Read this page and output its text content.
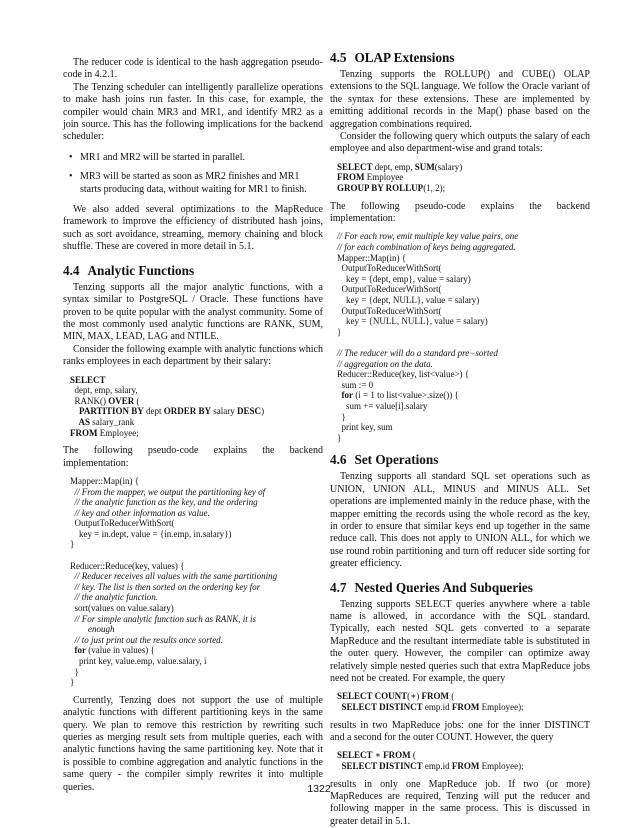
The reducer code is identical to the hash aggregation pseudo-code in 4.2.1.

The Tenzing scheduler can intelligently parallelize operations to make hash joins run faster. In this case, for example, the compiler would chain MR3 and MR1, and identify MR2 as a join source. This has the following implications for the backend scheduler:

• MR1 and MR2 will be started in parallel.
• MR3 will be started as soon as MR2 finishes and MR1 starts producing data, without waiting for MR1 to finish.

We also added several optimizations to the MapReduce framework to improve the efficiency of distributed hash joins, such as sort avoidance, streaming, memory chaining and block shuffle. These are covered in more detail in 5.1.

4.4 Analytic Functions

Tenzing supports all the major analytic functions, with a syntax similar to PostgreSQL / Oracle. These functions have proven to be quite popular with the analyst community. Some of the most commonly used analytic functions are RANK, SUM, MIN, MAX, LEAD, LAG and NTILE.

Consider the following example with analytic functions which ranks employees in each department by their salary:

SELECT
dept, emp, salary,
RANK() OVER (
PARTITION BY dept ORDER BY salary DESC)
AS salary_rank
FROM Employee;

The following pseudo-code explains the backend implementation:

Mapper::Map(in) {
// From the mapper, we output the partitioning key of
// the analytic function as the key, and the ordering
// key and other information as value.
OutputToReducerWithSort(
key = in.dept, value = {in.emp, in.salary})
}

Reducer::Reduce(key, values) {
// Reducer receives all values with the same partitioning
// key. The list is then sorted on the ordering key for
// the analytic function.
sort(values on value.salary)
// For simple analytic function such as RANK, it is
enough
// to just print out the results once sorted.
for (value in values) {
print key, value.emp, value.salary, i
}
}

Currently, Tenzing does not support the use of multiple analytic functions with different partitioning keys in the same query. We plan to remove this restriction by rewriting such queries as merging result sets from multiple queries, each with analytic functions having the same partitioning key. Note that it is possible to combine aggregation and analytic functions in the same query - the compiler simply rewrites it into multiple queries.

4.5 OLAP Extensions

Tenzing supports the ROLLUP() and CUBE() OLAP extensions to the SQL language. We follow the Oracle variant of the syntax for these extensions. These are implemented by emitting additional records in the Map() phase based on the aggregation combinations required.

Consider the following query which outputs the salary of each employee and also department-wise and grand totals:

SELECT dept, emp, SUM(salary)
FROM Employee
GROUP BY ROLLUP(1, 2);

The following pseudo-code explains the backend implementation:

// For each row, emit multiple key value pairs, one
// for each combination of keys being aggregated.
Mapper::Map(in) {
OutputToReducerWithSort(
key = {dept, emp}, value = salary)
OutputToReducerWithSort(
key = {dept, NULL}, value = salary)
OutputToReducerWithSort(
key = {NULL, NULL}, value = salary)
}

// The reducer will do a standard pre−sorted
// aggregation on the data.
Reducer::Reduce(key, list<value>) {
sum := 0
for (i = 1 to list<value>.size()) {
sum += value[i].salary
}
print key, sum
}
4.6 Set Operations

Tenzing supports all standard SQL set operations such as UNION, UNION ALL, MINUS and MINUS ALL. Set operations are implemented mainly in the reduce phase, with the mapper emitting the records using the whole record as the key, in order to ensure that similar keys end up together in the same reduce call. This does not apply to UNION ALL, for which we use round robin partitioning and turn off reducer side sorting for greater efficiency.

4.7 Nested Queries And Subqueries

Tenzing supports SELECT queries anywhere where a table name is allowed, in accordance with the SQL standard. Typically, each nested SQL gets converted to a separate MapReduce and the resultant intermediate table is substituted in the outer query. However, the compiler can optimize away relatively simple nested queries such that extra MapReduce jobs need not be created. For example, the query

SELECT COUNT(∗) FROM (
SELECT DISTINCT emp.id FROM Employee);

results in two MapReduce jobs: one for the inner DISTINCT and a second for the outer COUNT. However, the query

SELECT ∗ FROM (
SELECT DISTINCT emp.id FROM Employee);

results in only one MapReduce job. If two (or more) MapReduces are required, Tenzing will put the reducer and following mapper in the same process. This is discussed in greater detail in 5.1.

1322
